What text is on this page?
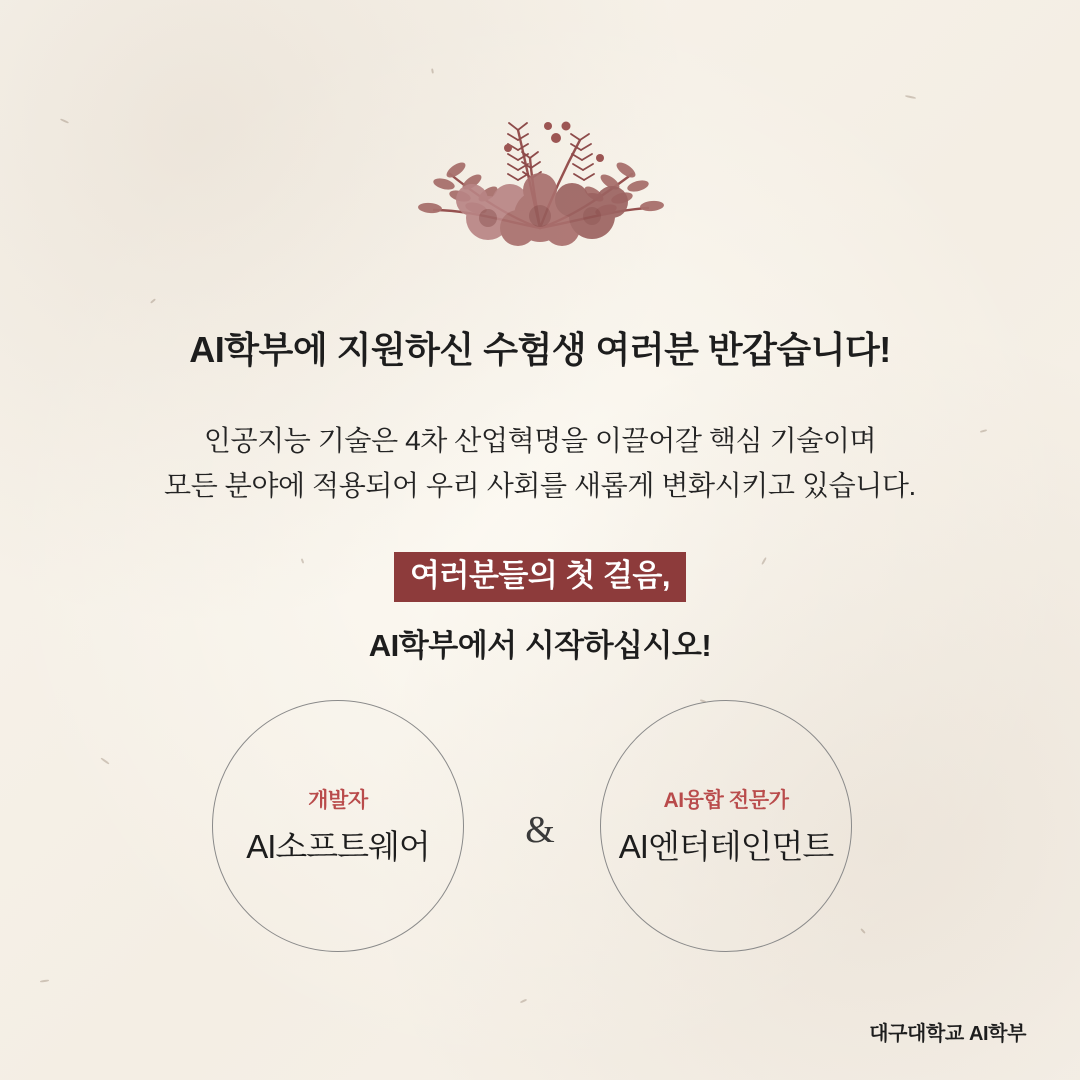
AI학부에 지원하신 수험생 여러분 반갑습니다!
인공지능 기술은 4차 산업혁명을 이끌어갈 핵심 기술이며
모든 분야에 적용되어 우리 사회를 새롭게 변화시키고 있습니다.
여러분들의 첫 걸음,
AI학부에서 시작하십시오!
개발자
AI소프트웨어	&
AI융합 전문가
AI엔터테인먼트
대구대학교 AI학부
